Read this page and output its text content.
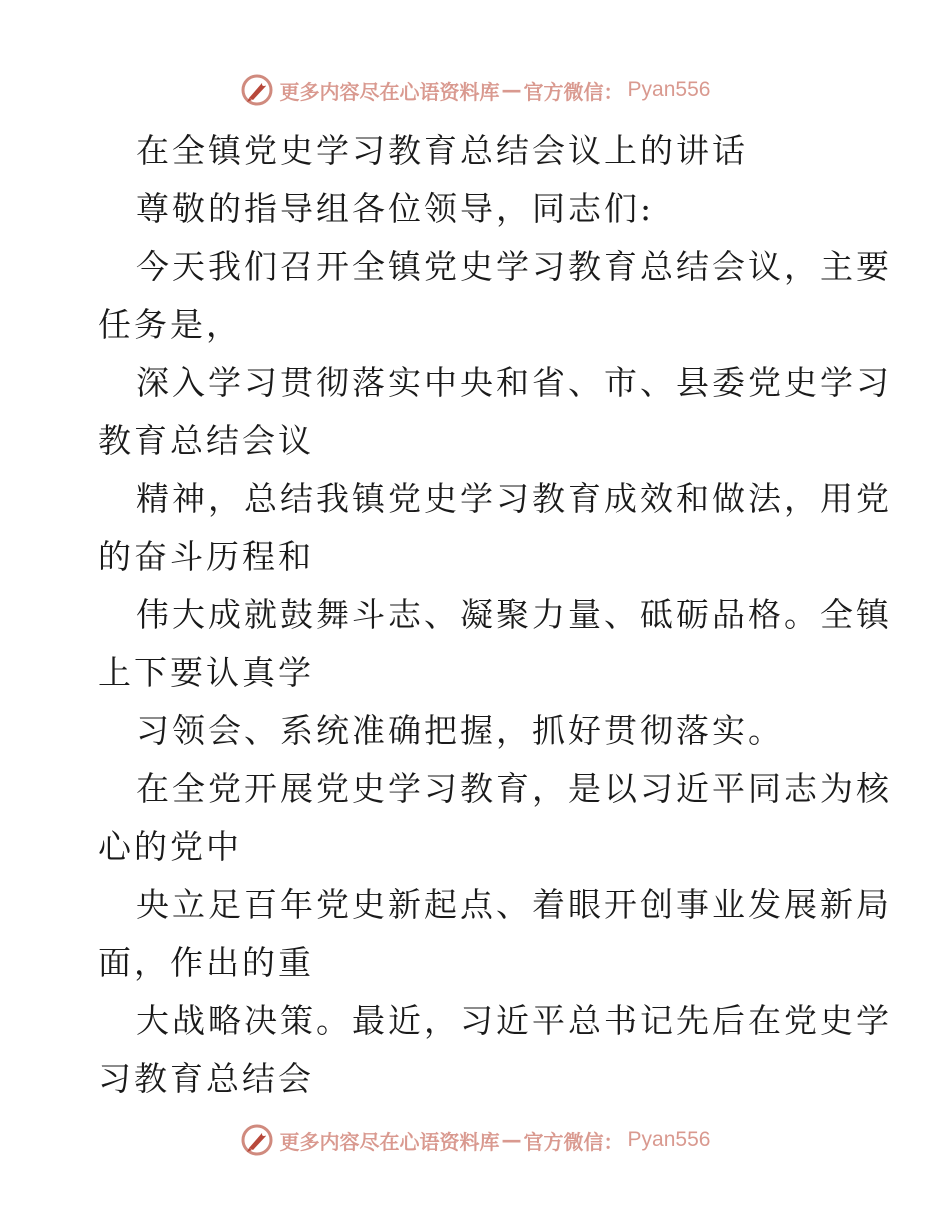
更多内容尽在心语资料库 — 官方微信： Pyan556
在全镇党史学习教育总结会议上的讲话
尊敬的指导组各位领导，同志们:
今天我们召开全镇党史学习教育总结会议，主要
任务是，
深入学习贯彻落实中央和省、市、县委党史学习
教育总结会议
精神，总结我镇党史学习教育成效和做法，用党
的奋斗历程和
伟大成就鼓舞斗志、凝聚力量、砥砺品格。全镇
上下要认真学
习领会、系统准确把握，抓好贯彻落实。
在全党开展党史学习教育，是以习近平同志为核
心的党中
央立足百年党史新起点、着眼开创事业发展新局
面，作出的重
大战略决策。最近，习近平总书记先后在党史学
习教育总结会
更多内容尽在心语资料库 — 官方微信： Pyan556
